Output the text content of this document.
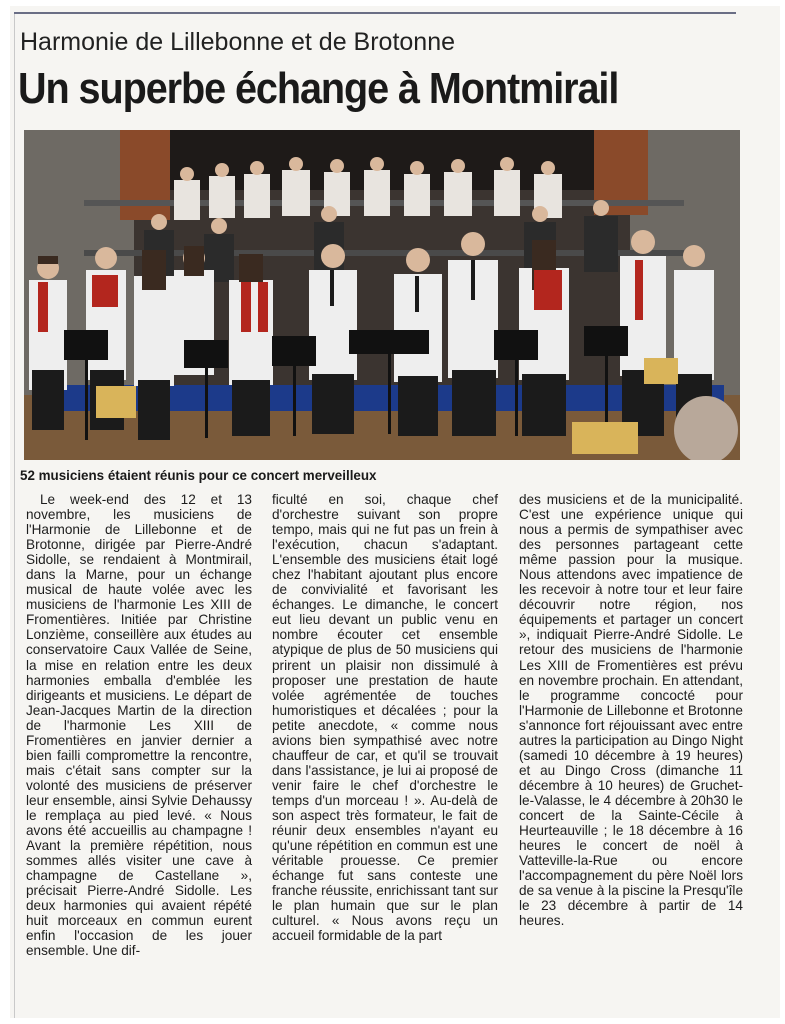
Harmonie de Lillebonne et de Brotonne
Un superbe échange à Montmirail
52 musiciens étaient réunis pour ce concert merveilleux

Le week-end des 12 et 13 novembre, les musiciens de l'Harmonie de Lillebonne et de Brotonne, dirigée par Pierre-André Sidolle, se rendaient à Montmirail, dans la Marne, pour un échange musical de haute volée avec les musiciens de l'harmonie Les XIII de Fromentières. Initiée par Christine Lonzième, conseillère aux études au conservatoire Caux Vallée de Seine, la mise en relation entre les deux harmonies emballa d'emblée les dirigeants et musiciens. Le départ de Jean-Jacques Martin de la direction de l'harmonie Les XIII de Fromentières en janvier dernier a bien failli compromettre la rencontre, mais c'était sans compter sur la volonté des musiciens de préserver leur ensemble, ainsi Sylvie Dehaussy le remplaça au pied levé. « Nous avons été accueillis au champagne ! Avant la première répétition, nous sommes allés visiter une cave à champagne de Castellane », précisait Pierre-André Sidolle. Les deux harmonies qui avaient répété huit morceaux en commun eurent enfin l'occasion de les jouer ensemble. Une dif-

ficulté en soi, chaque chef d'orchestre suivant son propre tempo, mais qui ne fut pas un frein à l'exécution, chacun s'adaptant. L'ensemble des musiciens était logé chez l'habitant ajoutant plus encore de convivialité et favorisant les échanges. Le dimanche, le concert eut lieu devant un public venu en nombre écouter cet ensemble atypique de plus de 50 musiciens qui prirent un plaisir non dissimulé à proposer une prestation de haute volée agrémentée de touches humoristiques et décalées ; pour la petite anecdote, « comme nous avions bien sympathisé avec notre chauffeur de car, et qu'il se trouvait dans l'assistance, je lui ai proposé de venir faire le chef d'orchestre le temps d'un morceau ! ». Au-delà de son aspect très formateur, le fait de réunir deux ensembles n'ayant eu qu'une répétition en commun est une véritable prouesse. Ce premier échange fut sans conteste une franche réussite, enrichissant tant sur le plan humain que sur le plan culturel. « Nous avons reçu un accueil formidable de la part

des musiciens et de la municipalité. C'est une expérience unique qui nous a permis de sympathiser avec des personnes partageant cette même passion pour la musique. Nous attendons avec impatience de les recevoir à notre tour et leur faire découvrir notre région, nos équipements et partager un concert », indiquait Pierre-André Sidolle. Le retour des musiciens de l'harmonie Les XIII de Fromentières est prévu en novembre prochain. En attendant, le programme concocté pour l'Harmonie de Lillebonne et Brotonne s'annonce fort réjouissant avec entre autres la participation au Dingo Night (samedi 10 décembre à 19 heures) et au Dingo Cross (dimanche 11 décembre à 10 heures) de Gruchet-le-Valasse, le 4 décembre à 20h30 le concert de la Sainte-Cécile à Heurteauville ; le 18 décembre à 16 heures le concert de noël à Vatteville-la-Rue ou encore l'accompagnement du père Noël lors de sa venue à la piscine la Presqu'île le 23 décembre à partir de 14 heures.
